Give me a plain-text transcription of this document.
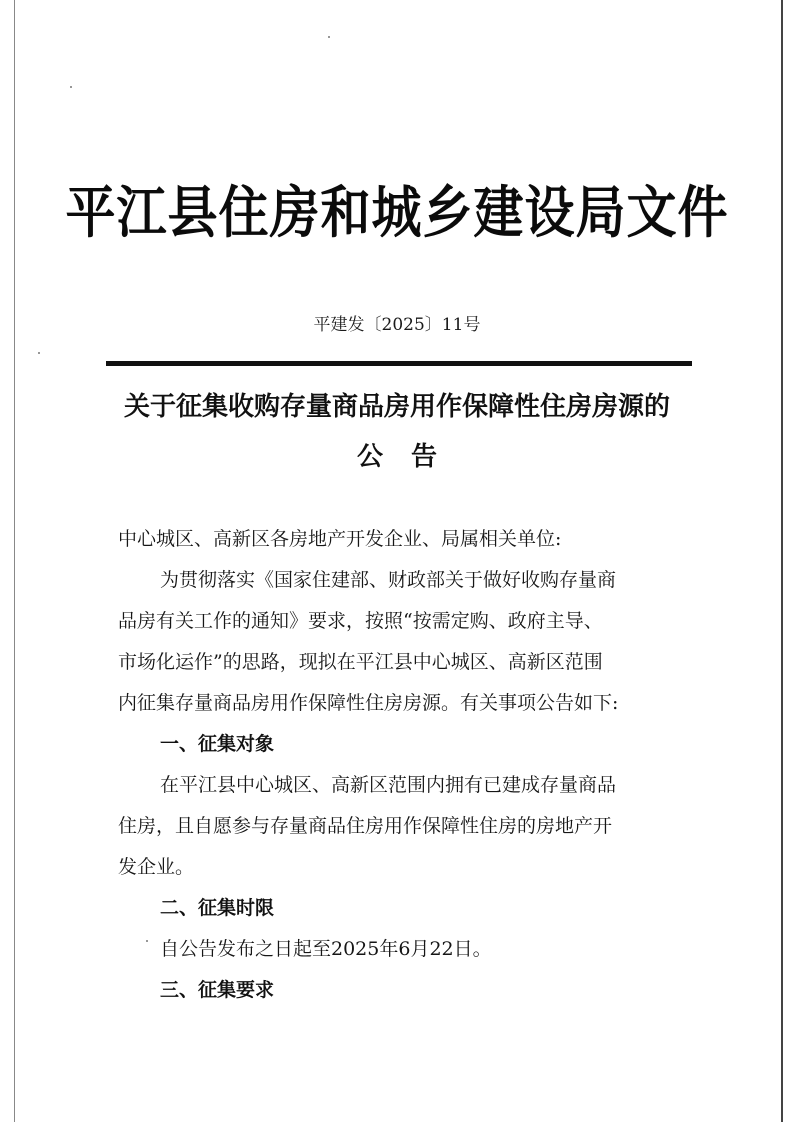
平江县住房和城乡建设局文件
平建发〔2025〕11号
关于征集收购存量商品房用作保障性住房房源的
公告
中心城区、高新区各房地产开发企业、局属相关单位:
为贯彻落实《国家住建部、财政部关于做好收购存量商
品房有关工作的通知》要求，按照“按需定购、政府主导、
市场化运作”的思路，现拟在平江县中心城区、高新区范围
内征集存量商品房用作保障性住房房源。有关事项公告如下:
一、征集对象
在平江县中心城区、高新区范围内拥有已建成存量商品
住房，且自愿参与存量商品住房用作保障性住房的房地产开
发企业。
二、征集时限
自公告发布之日起至2025年6月22日。
三、征集要求
